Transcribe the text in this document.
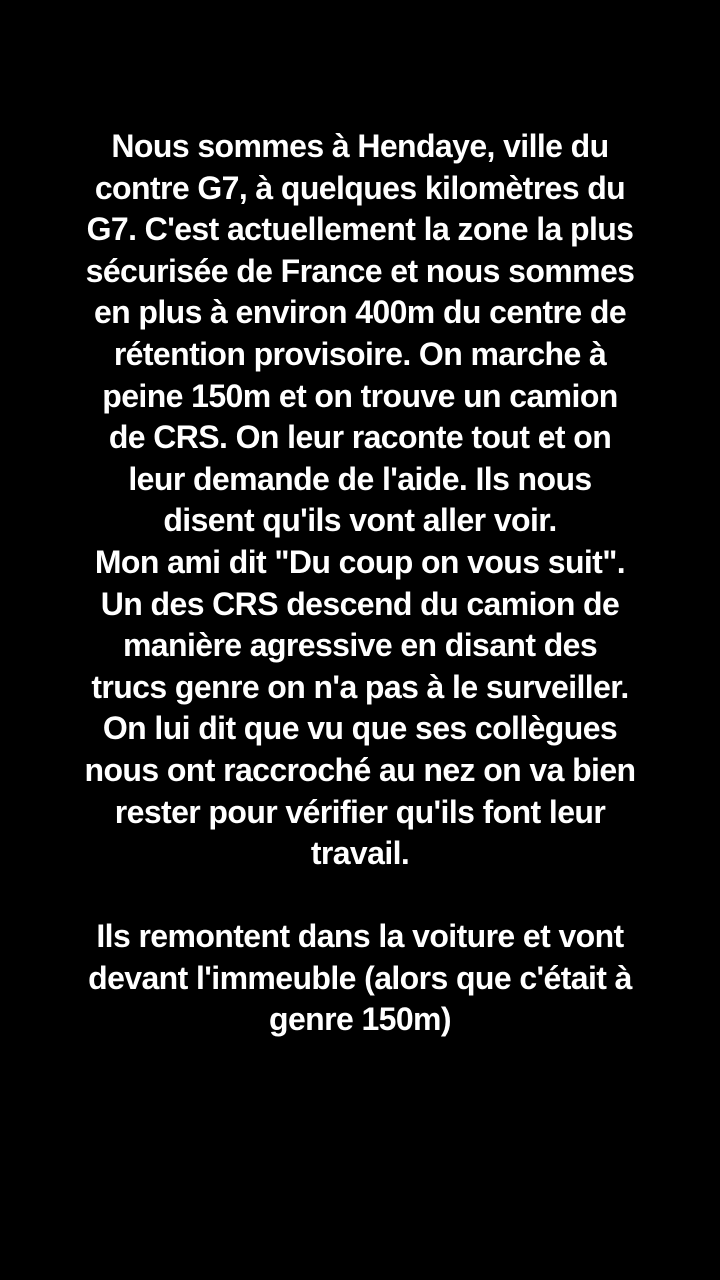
Nous sommes à Hendaye, ville du
contre G7, à quelques kilomètres du
G7. C'est actuellement la zone la plus
sécurisée de France et nous sommes
en plus à environ 400m du centre de
rétention provisoire. On marche à
peine 150m et on trouve un camion
de CRS. On leur raconte tout et on
leur demande de l'aide. Ils nous
disent qu'ils vont aller voir.
Mon ami dit "Du coup on vous suit".
Un des CRS descend du camion de
manière agressive en disant des
trucs genre on n'a pas à le surveiller.
On lui dit que vu que ses collègues
nous ont raccroché au nez on va bien
rester pour vérifier qu'ils font leur
travail.
Ils remontent dans la voiture et vont
devant l'immeuble (alors que c'était à
genre 150m)
